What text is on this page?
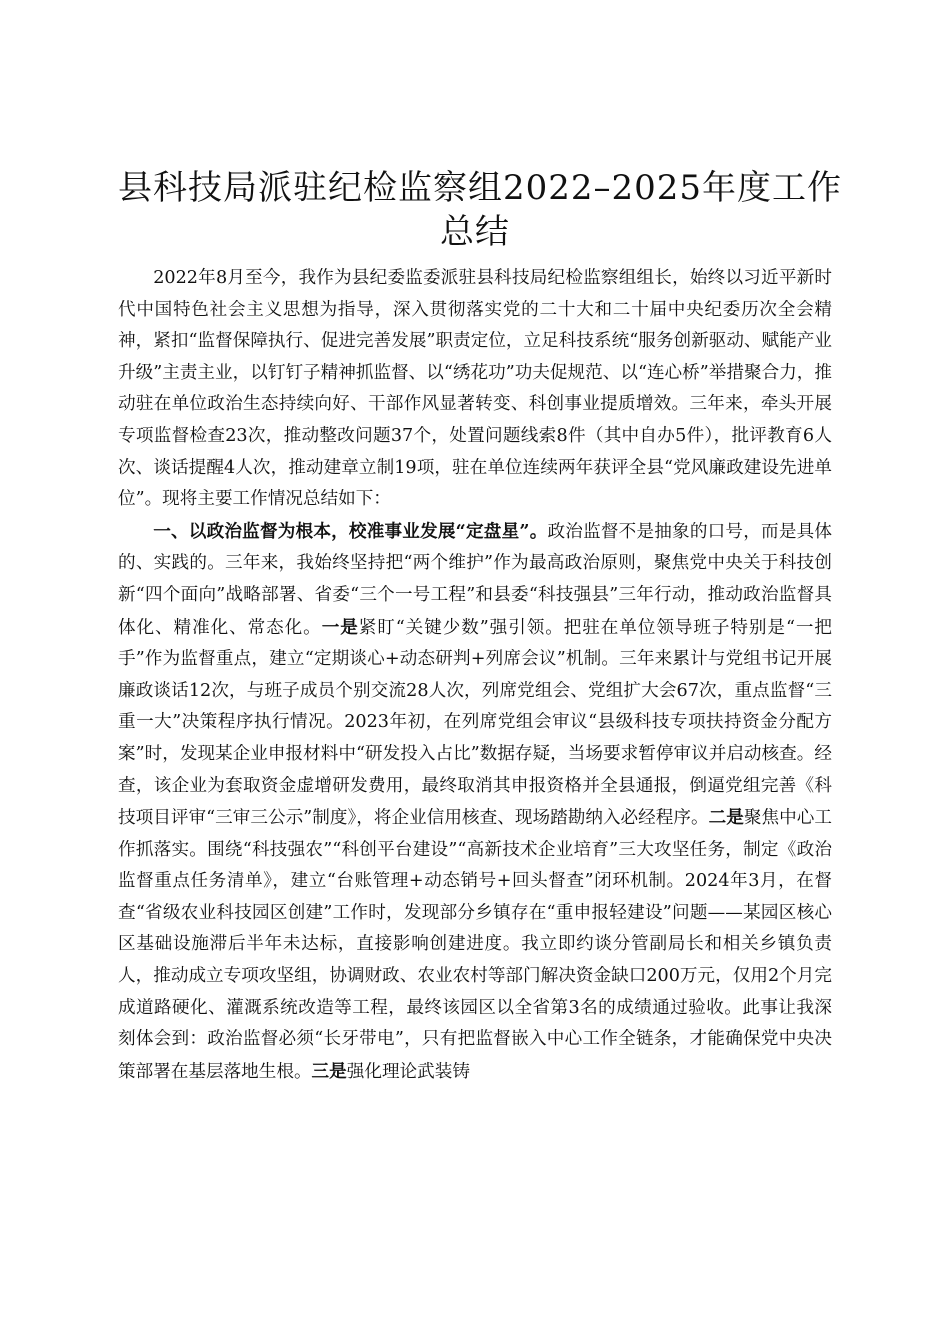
县科技局派驻纪检监察组2022–2025年度工作
总结

2022年8月至今，我作为县纪委监委派驻县科技局纪检监察组组长，始终以习近平新时代中国特色社会主义思想为指导，深入贯彻落实党的二十大和二十届中央纪委历次全会精神，紧扣“监督保障执行、促进完善发展”职责定位，立足科技系统“服务创新驱动、赋能产业升级”主责主业，以钉钉子精神抓监督、以“绣花功”功夫促规范、以“连心桥”举措聚合力，推动驻在单位政治生态持续向好、干部作风显著转变、科创事业提质增效。三年来，牵头开展专项监督检查23次，推动整改问题37个，处置问题线索8件（其中自办5件），批评教育6人次、谈话提醒4人次，推动建章立制19项，驻在单位连续两年获评全县“党风廉政建设先进单位”。现将主要工作情况总结如下：

一、以政治监督为根本，校准事业发展“定盘星”。政治监督不是抽象的口号，而是具体的、实践的。三年来，我始终坚持把“两个维护”作为最高政治原则，聚焦党中央关于科技创新“四个面向”战略部署、省委“三个一号工程”和县委“科技强县”三年行动，推动政治监督具体化、精准化、常态化。一是紧盯“关键少数”强引领。把驻在单位领导班子特别是“一把手”作为监督重点，建立“定期谈心+动态研判+列席会议”机制。三年来累计与党组书记开展廉政谈话12次，与班子成员个别交流28人次，列席党组会、党组扩大会67次，重点监督“三重一大”决策程序执行情况。2023年初，在列席党组会审议“县级科技专项扶持资金分配方案”时，发现某企业申报材料中“研发投入占比”数据存疑，当场要求暂停审议并启动核查。经查，该企业为套取资金虚增研发费用，最终取消其申报资格并全县通报，倒逼党组完善《科技项目评审“三审三公示”制度》，将企业信用核查、现场踏勘纳入必经程序。二是聚焦中心工作抓落实。围绕“科技强农”“科创平台建设”“高新技术企业培育”三大攻坚任务，制定《政治监督重点任务清单》，建立“台账管理+动态销号+回头督查”闭环机制。2024年3月，在督查“省级农业科技园区创建”工作时，发现部分乡镇存在“重申报轻建设”问题——某园区核心区基础设施滞后半年未达标，直接影响创建进度。我立即约谈分管副局长和相关乡镇负责人，推动成立专项攻坚组，协调财政、农业农村等部门解决资金缺口200万元，仅用2个月完成道路硬化、灌溉系统改造等工程，最终该园区以全省第3名的成绩通过验收。此事让我深刻体会到：政治监督必须“长牙带电”，只有把监督嵌入中心工作全链条，才能确保党中央决策部署在基层落地生根。三是强化理论武装铸
